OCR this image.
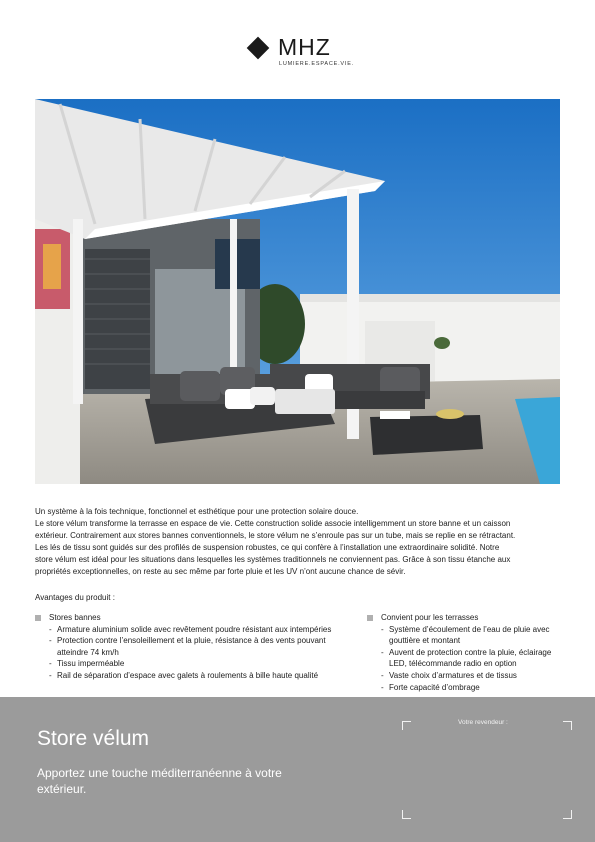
MHZ
LUMIERE.ESPACE.VIE.

Un système à la fois technique, fonctionnel et esthétique pour une protection solaire douce.

Le store vélum transforme la terrasse en espace de vie. Cette construction solide associe intelligemment un store banne et un caisson

extérieur. Contrairement aux stores bannes conventionnels, le store vélum ne s’enroule pas sur un tube, mais se replie en se rétractant.

Les lés de tissu sont guidés sur des profilés de suspension robustes, ce qui confère à l’installation une extraordinaire solidité. Notre

store vélum est idéal pour les situations dans lesquelles les systèmes traditionnels ne conviennent pas. Grâce à son tissu étanche aux

propriétés exceptionnelles, on reste au sec même par forte pluie et les UV n’ont aucune chance de sévir.

Avantages du produit :
Stores bannes
- Armature aluminium solide avec revêtement poudre résistant aux intempéries
- Protection contre l’ensoleillement et la pluie, résistance à des vents pouvant atteindre 74 km/h
- Tissu imperméable
- Rail de séparation d’espace avec galets à roulements à bille haute qualité
Convient pour les terrasses
- Système d’écoulement de l’eau de pluie avec gouttière et montant
- Auvent de protection contre la pluie, éclairage LED, télécommande radio en option
- Vaste choix d’armatures et de tissus
- Forte capacité d’ombrage
Store vélum
Apportez une touche méditerranéenne à votre extérieur.
Votre revendeur :
